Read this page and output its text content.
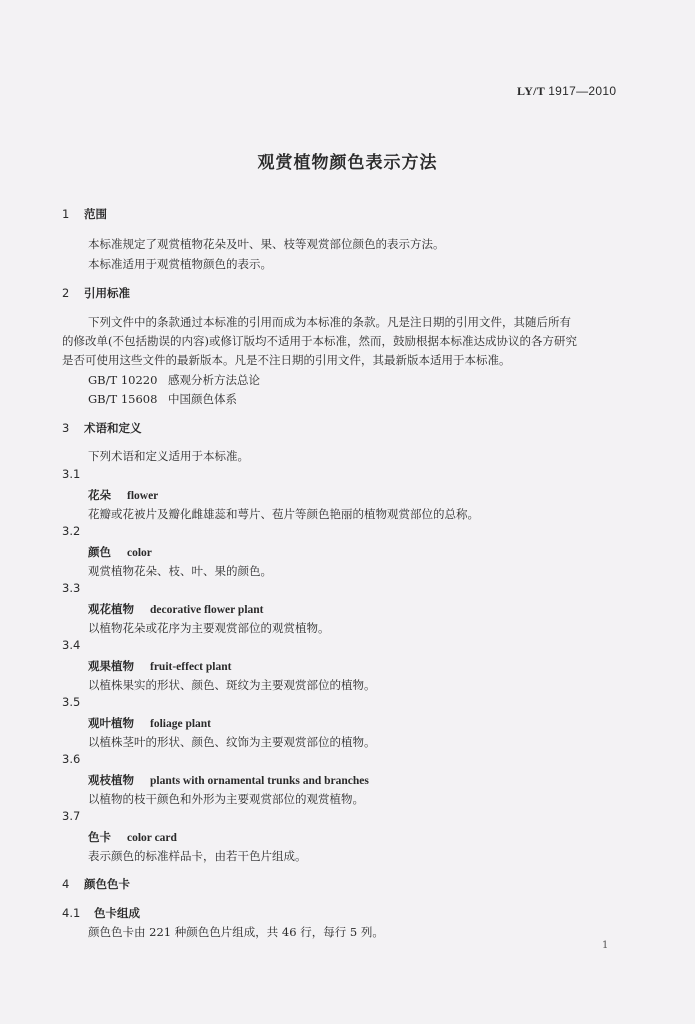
LY/T 1917—2010
观赏植物颜色表示方法
1 范围
本标准规定了观赏植物花朵及叶、果、枝等观赏部位颜色的表示方法。
本标准适用于观赏植物颜色的表示。
2 引用标准
下列文件中的条款通过本标准的引用而成为本标准的条款。凡是注日期的引用文件，其随后所有
的修改单(不包括勘误的内容)或修订版均不适用于本标准，然而，鼓励根据本标准达成协议的各方研究
是否可使用这些文件的最新版本。凡是不注日期的引用文件，其最新版本适用于本标准。
GB/T 10220 感观分析方法总论
GB/T 15608 中国颜色体系
3 术语和定义
下列术语和定义适用于本标准。
3.1
花朵 flower
花瓣或花被片及瓣化雌雄蕊和萼片、苞片等颜色艳丽的植物观赏部位的总称。
3.2
颜色 color
观赏植物花朵、枝、叶、果的颜色。
3.3
观花植物 decorative flower plant
以植物花朵或花序为主要观赏部位的观赏植物。
3.4
观果植物 fruit-effect plant
以植株果实的形状、颜色、斑纹为主要观赏部位的植物。
3.5
观叶植物 foliage plant
以植株茎叶的形状、颜色、纹饰为主要观赏部位的植物。
3.6
观枝植物 plants with ornamental trunks and branches
以植物的枝干颜色和外形为主要观赏部位的观赏植物。
3.7
色卡 color card
表示颜色的标准样品卡，由若干色片组成。
4 颜色色卡
4.1 色卡组成
颜色色卡由 221 种颜色色片组成，共 46 行，每行 5 列。
1
